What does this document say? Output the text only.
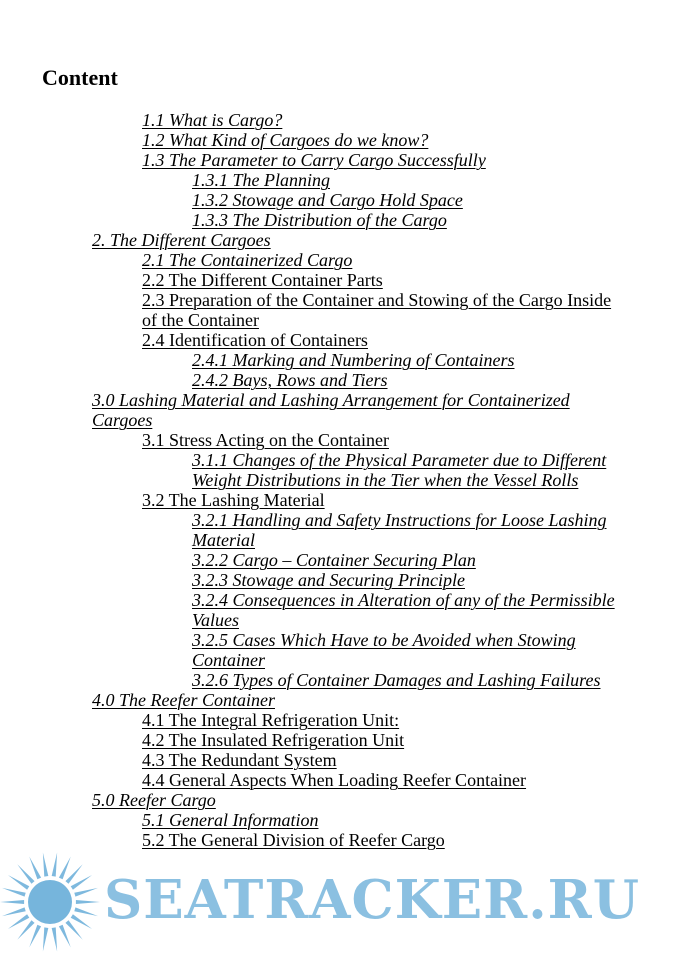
Content
1.1 What is Cargo?
1.2 What Kind of Cargoes do we know?
1.3 The Parameter to Carry Cargo Successfully
1.3.1 The Planning
1.3.2 Stowage and Cargo Hold Space
1.3.3 The Distribution of the Cargo
2. The Different Cargoes
2.1 The Containerized Cargo
2.2 The Different Container Parts
2.3 Preparation of the Container and Stowing of the Cargo Inside of the Container
2.4 Identification of Containers
2.4.1 Marking and Numbering of Containers
2.4.2 Bays, Rows and Tiers
3.0 Lashing Material and Lashing Arrangement for Containerized Cargoes
3.1 Stress Acting on the Container
3.1.1 Changes of the Physical Parameter due to Different Weight Distributions in the Tier when the Vessel Rolls
3.2 The Lashing Material
3.2.1 Handling and Safety Instructions for Loose Lashing Material
3.2.2 Cargo – Container Securing Plan
3.2.3 Stowage and Securing Principle
3.2.4 Consequences in Alteration of any of the Permissible Values
3.2.5 Cases Which Have to be Avoided when Stowing Container
3.2.6 Types of Container Damages and Lashing Failures
4.0 The Reefer Container
4.1 The Integral Refrigeration Unit:
4.2 The Insulated Refrigeration Unit
4.3 The Redundant System
4.4 General Aspects When Loading Reefer Container
5.0 Reefer Cargo
5.1 General Information
5.2 The General Division of Reefer Cargo
SEATRACKER.RU
